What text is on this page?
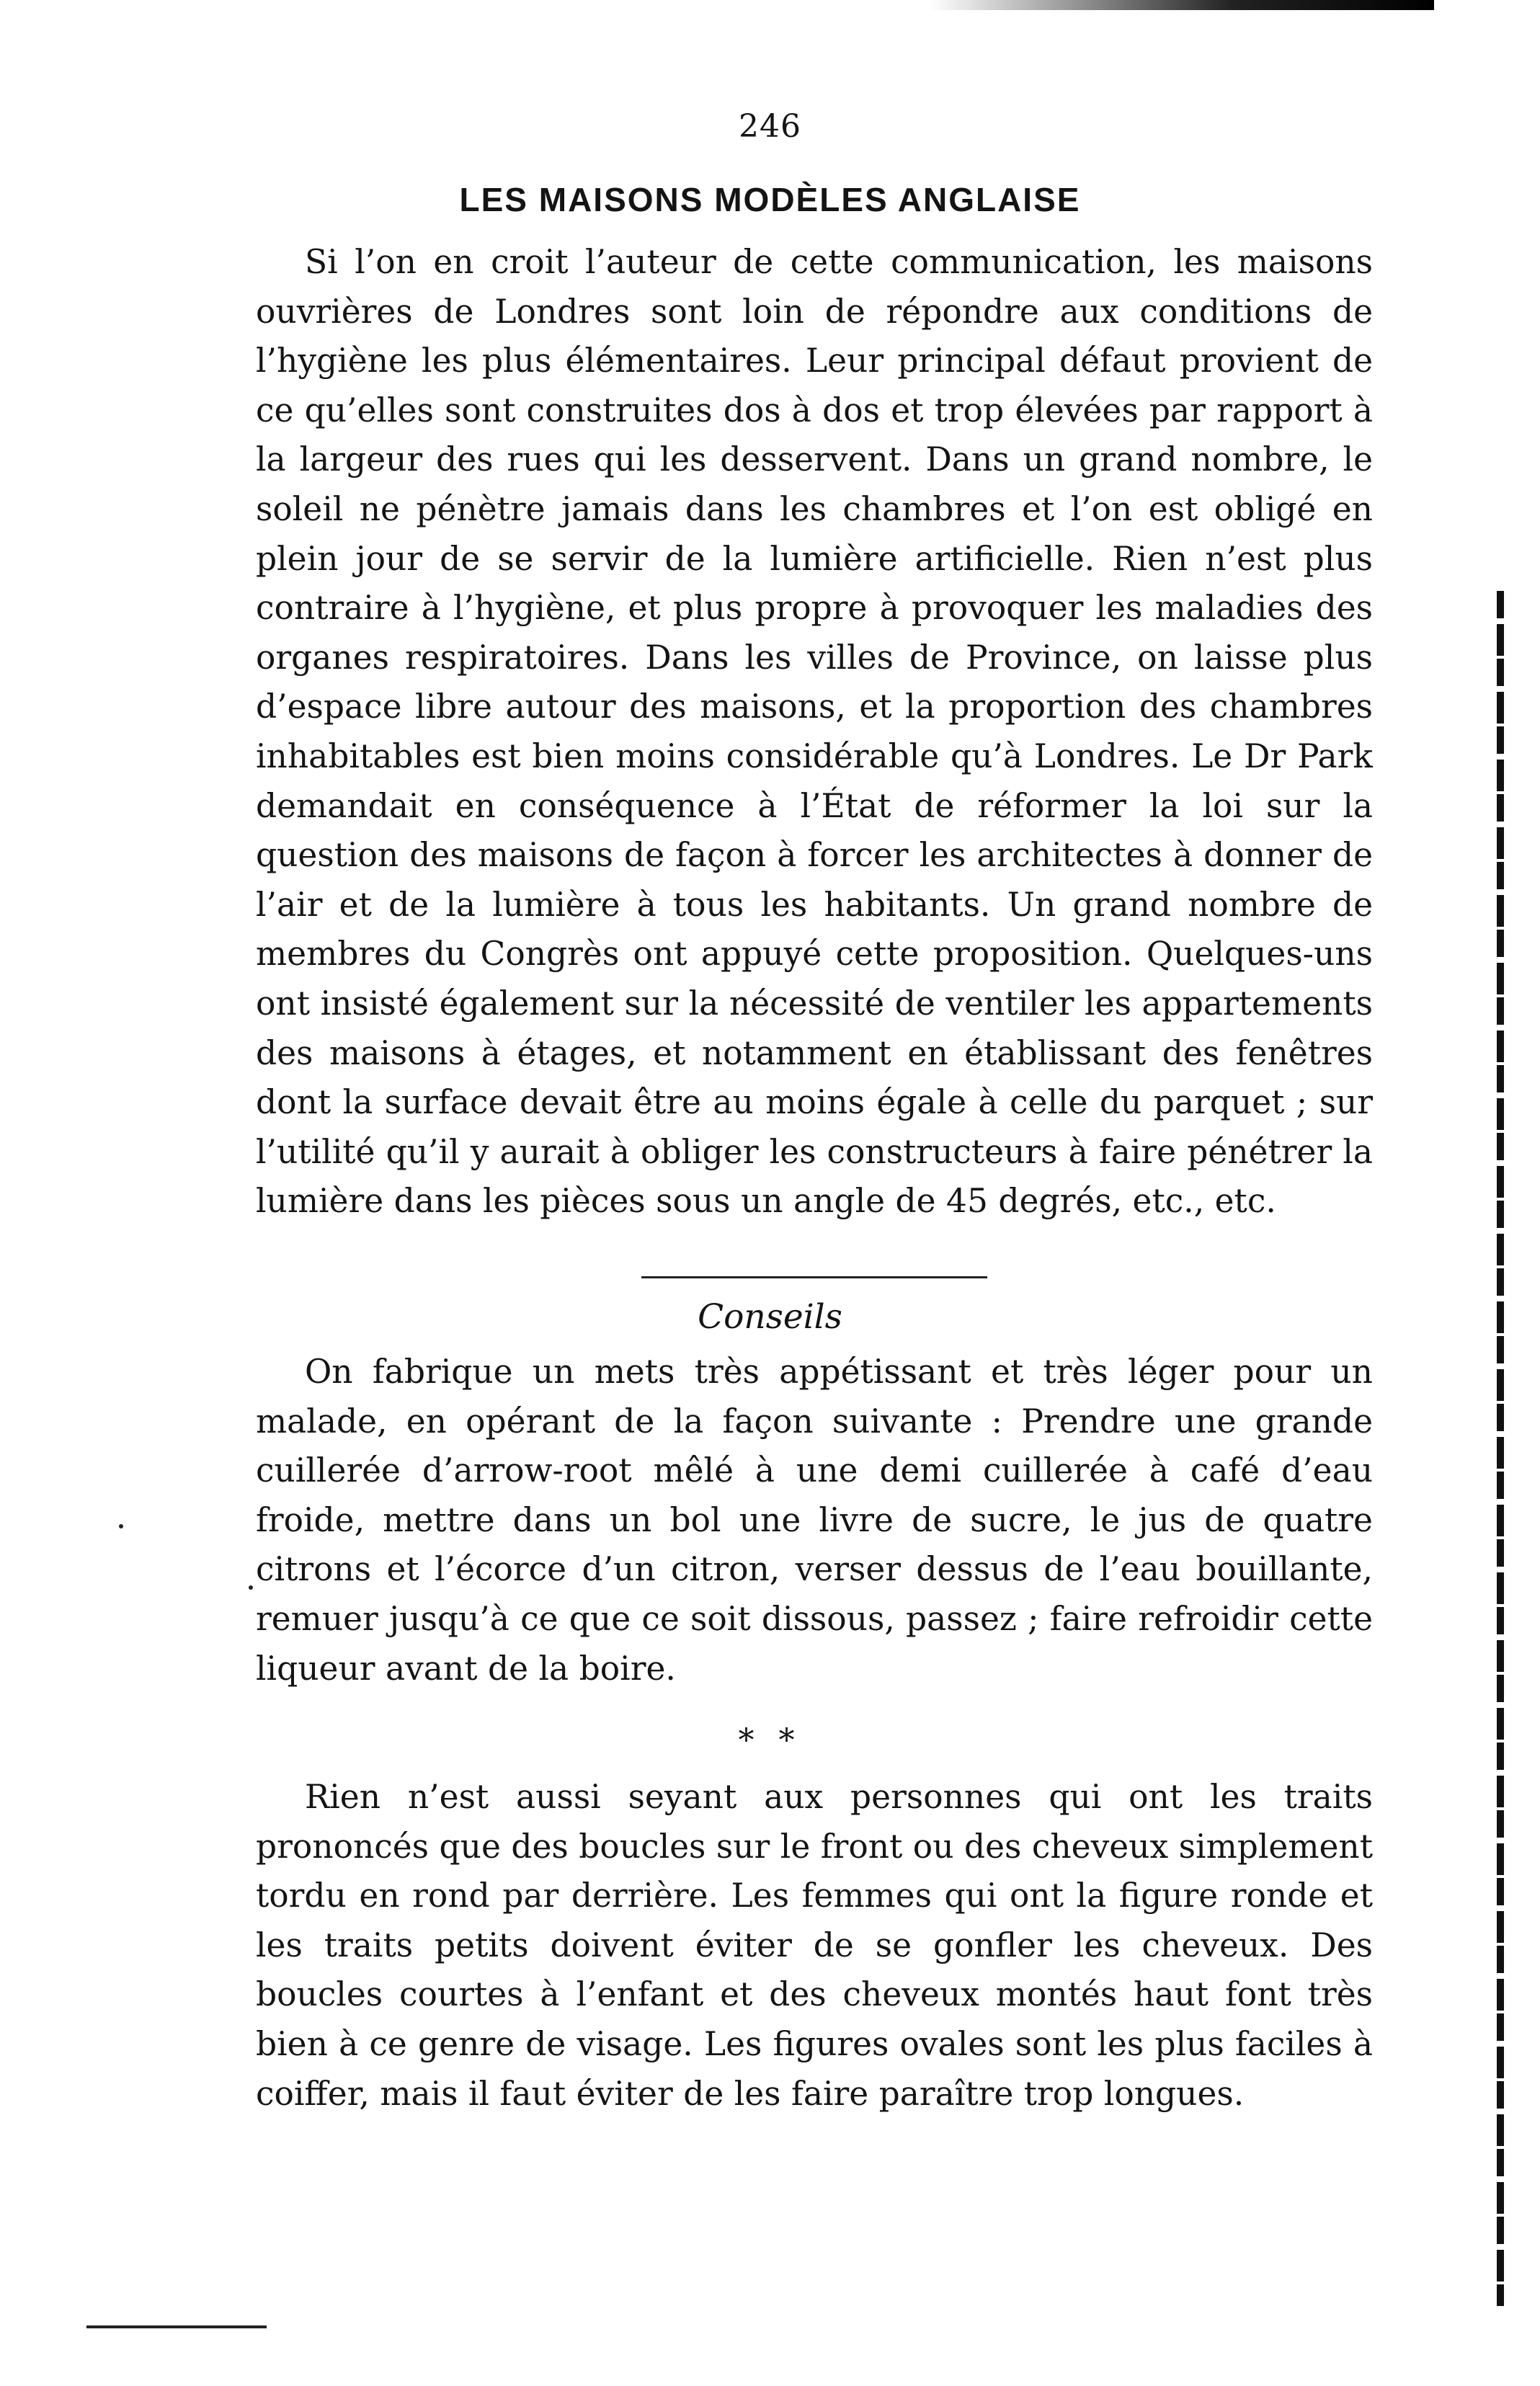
246
LES MAISONS MODÈLES ANGLAISE

Si l’on en croit l’auteur de cette communication, les maisons ouvrières de Londres sont loin de répondre aux conditions de l’hygiène les plus élémentaires. Leur principal défaut provient de ce qu’elles sont construites dos à dos et trop élevées par rapport à la largeur des rues qui les desservent. Dans un grand nombre, le soleil ne pénètre jamais dans les chambres et l’on est obligé en plein jour de se servir de la lumière artificielle. Rien n’est plus contraire à l’hygiène, et plus propre à provoquer les maladies des organes respiratoires. Dans les villes de Province, on laisse plus d’espace libre autour des maisons, et la proportion des chambres inhabitables est bien moins considérable qu’à Londres. Le Dr Park demandait en conséquence à l’État de réformer la loi sur la question des maisons de façon à forcer les architectes à donner de l’air et de la lumière à tous les habitants. Un grand nombre de membres du Congrès ont appuyé cette proposition. Quelques-uns ont insisté également sur la nécessité de ventiler les appartements des maisons à étages, et notamment en établissant des fenêtres dont la surface devait être au moins égale à celle du parquet ; sur l’utilité qu’il y aurait à obliger les constructeurs à faire pénétrer la lumière dans les pièces sous un angle de 45 degrés, etc., etc.

Conseils

On fabrique un mets très appétissant et très léger pour un malade, en opérant de la façon suivante : Prendre une grande cuillerée d’arrow-root mêlé à une demi cuillerée à café d’eau froide, mettre dans un bol une livre de sucre, le jus de quatre citrons et l’écorce d’un citron, verser dessus de l’eau bouillante, remuer jusqu’à ce que ce soit dissous, passez ; faire refroidir cette liqueur avant de la boire.

* *

Rien n’est aussi seyant aux personnes qui ont les traits prononcés que des boucles sur le front ou des cheveux simplement tordu en rond par derrière. Les femmes qui ont la figure ronde et les traits petits doivent éviter de se gonfler les cheveux. Des boucles courtes à l’enfant et des cheveux montés haut font très bien à ce genre de visage. Les figures ovales sont les plus faciles à coiffer, mais il faut éviter de les faire paraître trop longues.
